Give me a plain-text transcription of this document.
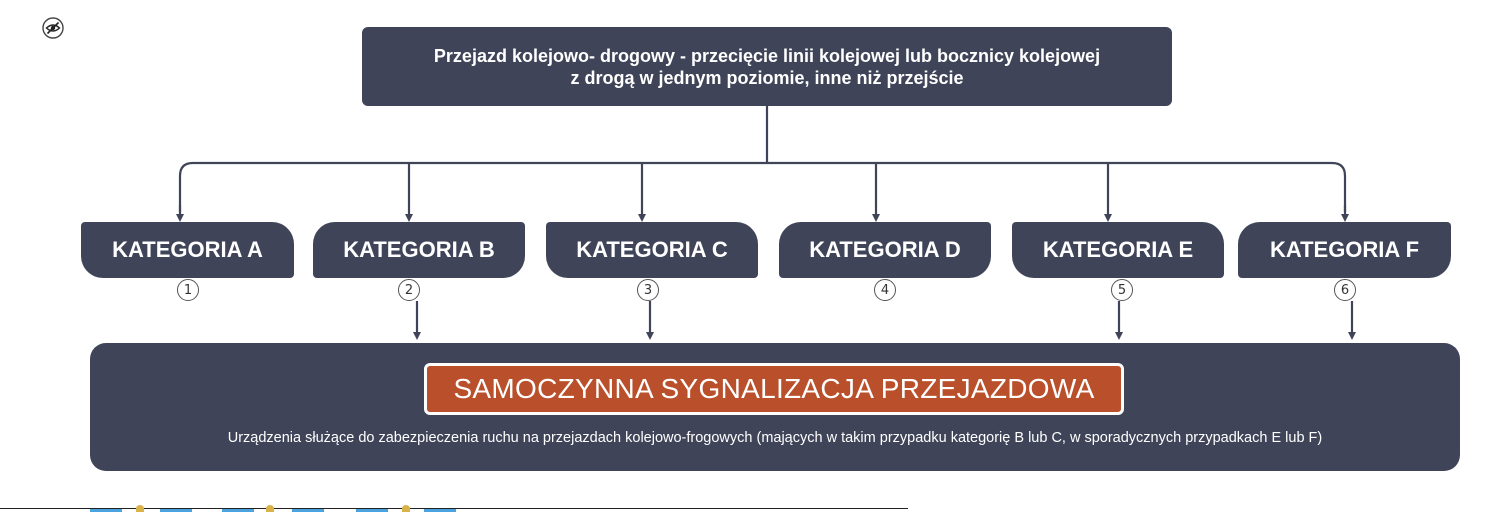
Przejazd kolejowo- drogowy - przecięcie linii kolejowej lub bocznicy kolejowej
z drogą w jednym poziomie, inne niż przejście
KATEGORIA A	KATEGORIA B	KATEGORIA C	KATEGORIA D	KATEGORIA E	KATEGORIA F
1	2	3	4	5	6
SAMOCZYNNA SYGNALIZACJA PRZEJAZDOWA
Urządzenia służące do zabezpieczenia ruchu na przejazdach kolejowo-frogowych (mających w takim przypadku kategorię B lub C, w sporadycznych przypadkach E lub F)
